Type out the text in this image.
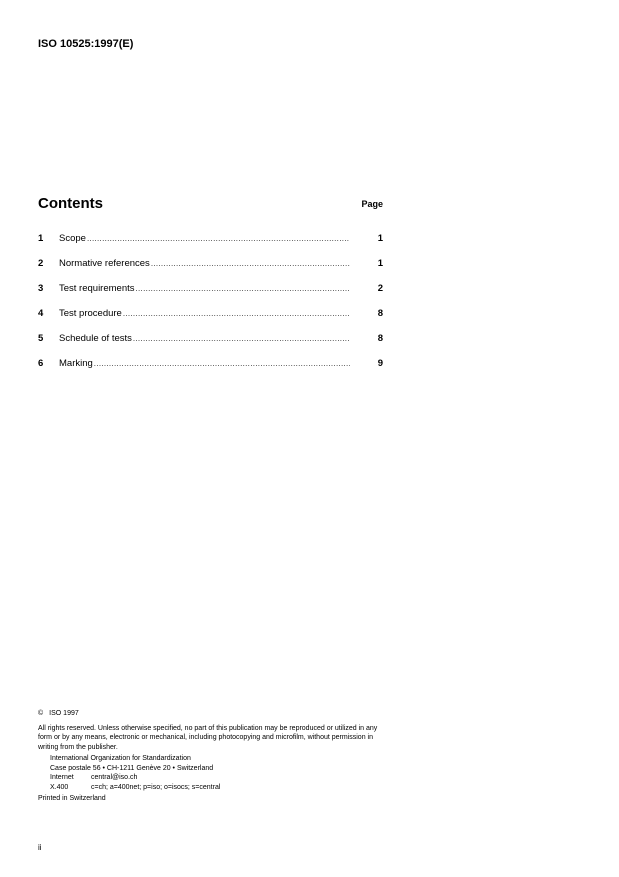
ISO 10525:1997(E)
Contents	Page
1	Scope .....	1
2	Normative references .....	1
3	Test requirements .....	2
4	Test procedure .....	8
5	Schedule of tests .....	8
6	Marking .....	9
© ISO 1997
All rights reserved. Unless otherwise specified, no part of this publication may be reproduced or utilized in any form or by any means, electronic or mechanical, including photocopying and microfilm, without permission in writing from the publisher.
International Organization for Standardization
Case postale 56 • CH-1211 Genève 20 • Switzerland
Internet central@iso.ch
X.400	c=ch; a=400net; p=iso; o=isocs; s=central
Printed in Switzerland
ii
